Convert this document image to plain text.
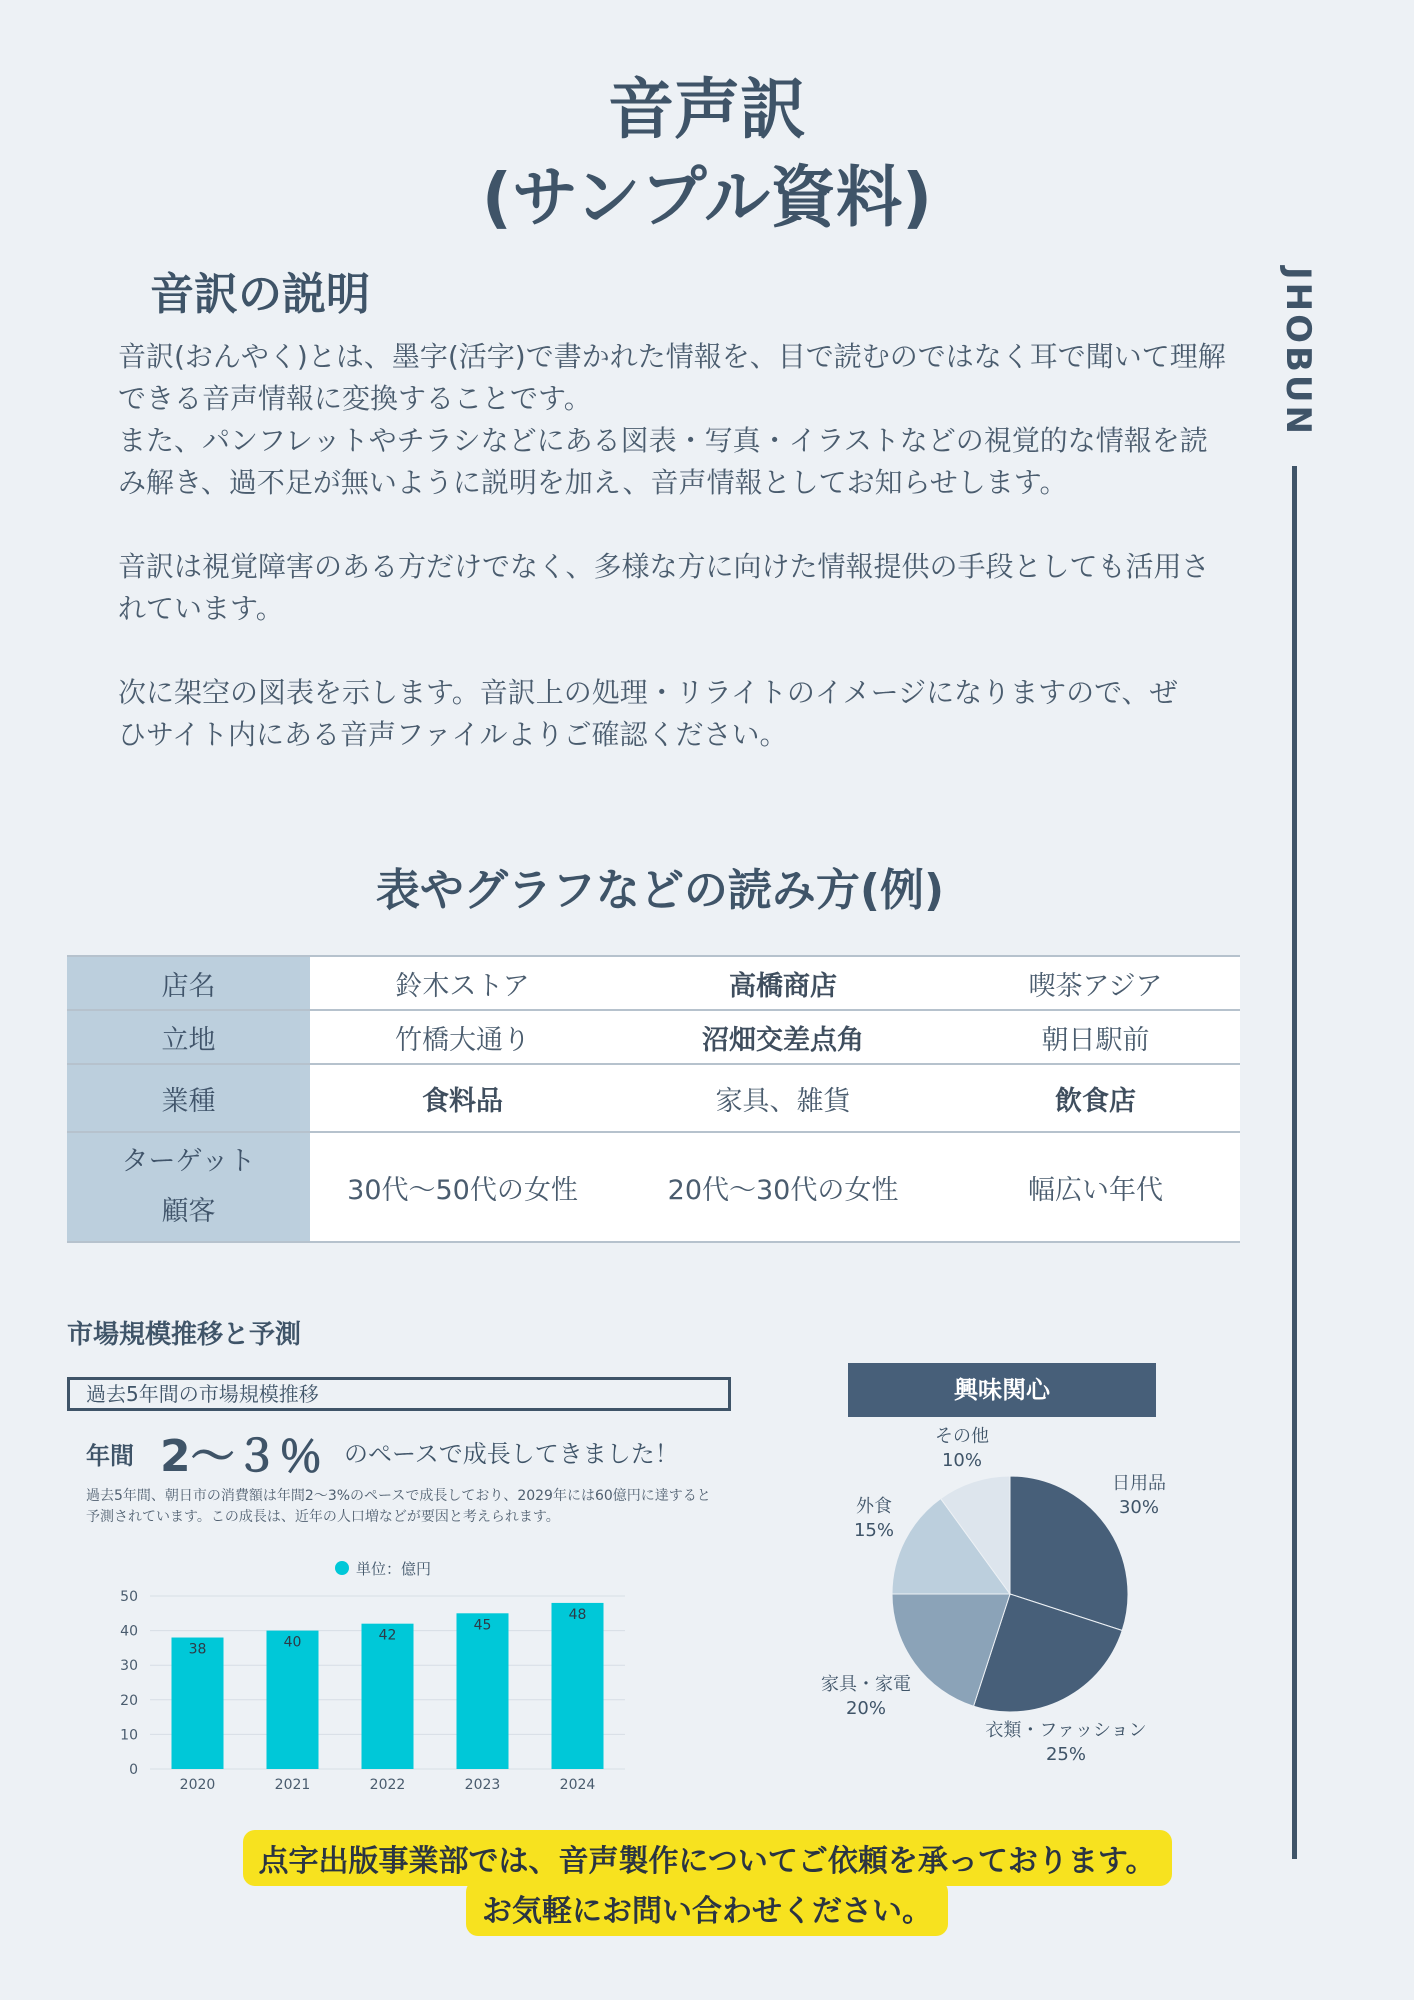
音声訳
(サンプル資料)
JHOBUN
音訳の説明

音訳(おんやく)とは、墨字(活字)で書かれた情報を、目で読むのではなく耳で聞いて理解できる音声情報に変換することです。

また、パンフレットやチラシなどにある図表・写真・イラストなどの視覚的な情報を読み解き、過不足が無いように説明を加え、音声情報としてお知らせします。

音訳は視覚障害のある方だけでなく、多様な方に向けた情報提供の手段としても活用されています。

次に架空の図表を示します。音訳上の処理・リライトのイメージになりますので、ぜひサイト内にある音声ファイルよりご確認ください。

表やグラフなどの読み方(例)
店名	鈴木ストア	高橋商店	喫茶アジア
立地	竹橋大通り	沼畑交差点角	朝日駅前
業種	食料品	家具、雑貨	飲食店
ターゲット
顧客	30代〜50代の女性	20代〜30代の女性	幅広い年代
市場規模推移と予測
過去5年間の市場規模推移
年間 2〜３％ のペースで成長してきました！
過去5年間、朝日市の消費額は年間2〜3%のペースで成長しており、2029年には60億円に達すると予測されています。この成長は、近年の人口増などが要因と考えられます。
0
10
20
30
40
50
38
2020
40
2021
42
2022
45
2023
48
2024
単位：億円
興味関心
その他
10%
日用品
30%
外食
15%
家具・家電
20%
衣類・ファッション
25%
点字出版事業部では、音声製作についてご依頼を承っております。
お気軽にお問い合わせください。
